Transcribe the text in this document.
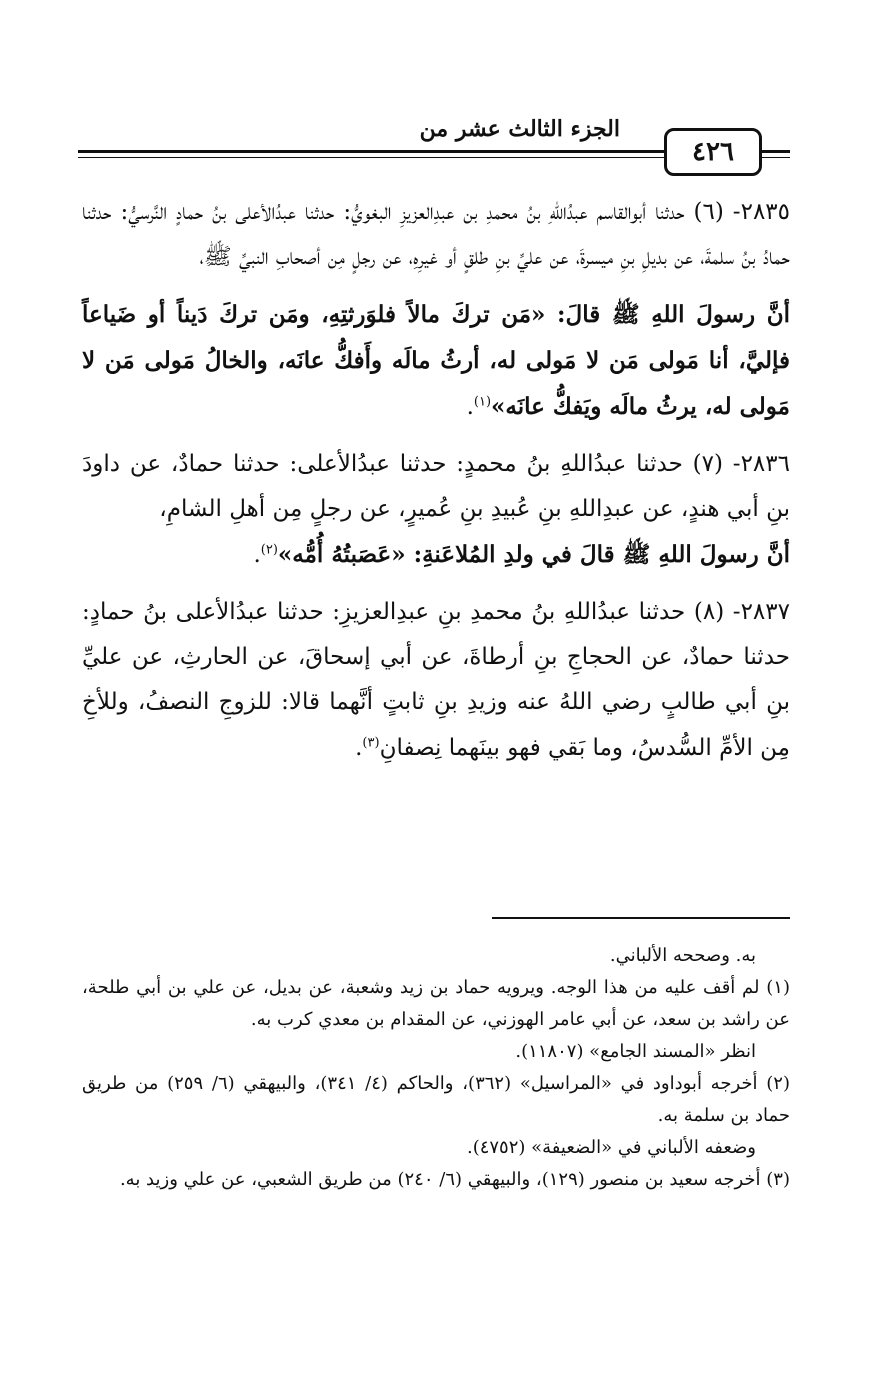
الجزء الثالث عشر من
٤٢٦

٢٨٣٥- (٦) حدثنا أبوالقاسم عبدُاللهِ بنُ محمدِ بن عبدِالعزيزِ البغويُّ: حدثنا عبدُالأعلى بنُ حمادٍ النَّرسيُّ: حدثنا حمادُ بنُ سلمةَ، عن بديلِ بنِ ميسرةَ، عن عليِّ بنِ طلقٍ أو غيرِهِ، عن رجلٍ مِن أصحابِ النبيِّ ﷺ،

أنَّ رسولَ اللهِ ﷺ قالَ: «مَن تركَ مالاً فلوَرثتِهِ، ومَن تركَ دَيناً أو ضَياعاً فإليَّ، أنا مَولى مَن لا مَولى له، أرثُ مالَه وأَفكُّ عانَه، والخالُ مَولى مَن لا مَولى له، يرثُ مالَه ويَفكُّ عانَه»$^{(١)}$.

٢٨٣٦- (٧) حدثنا عبدُاللهِ بنُ محمدٍ: حدثنا عبدُالأعلى: حدثنا حمادٌ، عن داودَ بنِ أبي هندٍ، عن عبدِاللهِ بنِ عُبيدِ بنِ عُميرٍ، عن رجلٍ مِن أهلِ الشامِ،

أنَّ رسولَ اللهِ ﷺ قالَ في ولدِ المُلاعَنةِ: «عَصَبتُهُ أُمُّه»$^{(٢)}$.

٢٨٣٧- (٨) حدثنا عبدُاللهِ بنُ محمدِ بنِ عبدِالعزيزِ: حدثنا عبدُالأعلى بنُ حمادٍ: حدثنا حمادٌ، عن الحجاجِ بنِ أرطاةَ، عن أبي إسحاقَ، عن الحارثِ، عن عليِّ بنِ أبي طالبٍ رضي اللهُ عنه وزيدِ بنِ ثابتٍ أنَّهما قالا: للزوجِ النصفُ، وللأخِ مِن الأمِّ السُّدسُ، وما بَقي فهو بينَهما نِصفانِ$^{(٣)}$.

به. وصححه الألباني.

(١) لم أقف عليه من هذا الوجه. ويرويه حماد بن زيد وشعبة، عن بديل، عن علي بن أبي طلحة، عن راشد بن سعد، عن أبي عامر الهوزني، عن المقدام بن معدي كرب به.

انظر «المسند الجامع» (١١٨٠٧).

(٢) أخرجه أبوداود في «المراسيل» (٣٦٢)، والحاكم (٤/ ٣٤١)، والبيهقي (٦/ ٢٥٩) من طريق حماد بن سلمة به.

وضعفه الألباني في «الضعيفة» (٤٧٥٢).

(٣) أخرجه سعيد بن منصور (١٢٩)، والبيهقي (٦/ ٢٤٠) من طريق الشعبي، عن علي وزيد به.
